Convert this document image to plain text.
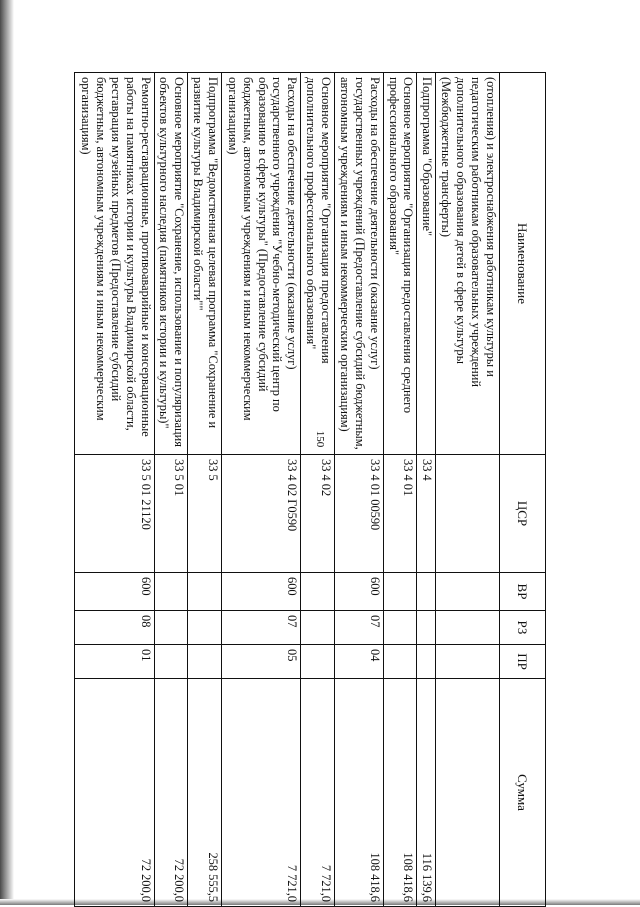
150
Наименование	ЦСР	ВР	РЗ	ПР	Сумма
(отопления) и электроснабжения работникам культуры и педагогическим работникам образовательных учреждений дополнительного образования детей в сфере культуры (Межбюджетные трансферты)					
Подпрограмма "Образование"	33 4				116 139,6
Основное мероприятие "Организация предоставления среднего профессионального образования"	33 4 01				108 418,6
Расходы на обеспечение деятельности (оказание услуг) государственных учреждений (Предоставление субсидий бюджетным, автономным учреждениям и иным некоммерческим организациям)	33 4 01 00590	600	07	04	108 418,6
Основное мероприятие "Организация предоставления дополнительного профессионального образования"	33 4 02				7 721,0
Расходы на обеспечение деятельности (оказание услуг) государственного учреждения "Учебно-методический центр по образованию в сфере культуры" (Предоставление субсидий бюджетным, автономным учреждениям и иным некоммерческим организациям)	33 4 02 Г0590	600	07	05	7 721,0
Подпрограмма "Ведомственная целевая программа "Сохранение и развитие культуры Владимирской области""	33 5				258 555,5
Основное мероприятие "Сохранение, использование и популяризация объектов культурного наследия (памятников истории и культуры)"	33 5 01				72 200,0
Ремонтно-реставрационные, противоаварийные и консервационные работы на памятниках истории и культуры Владимирской области, реставрация музейных предметов (Предоставление субсидий бюджетным, автономным учреждениям и иным некоммерческим организациям)	33 5 01 21120	600	08	01	72 200,0
